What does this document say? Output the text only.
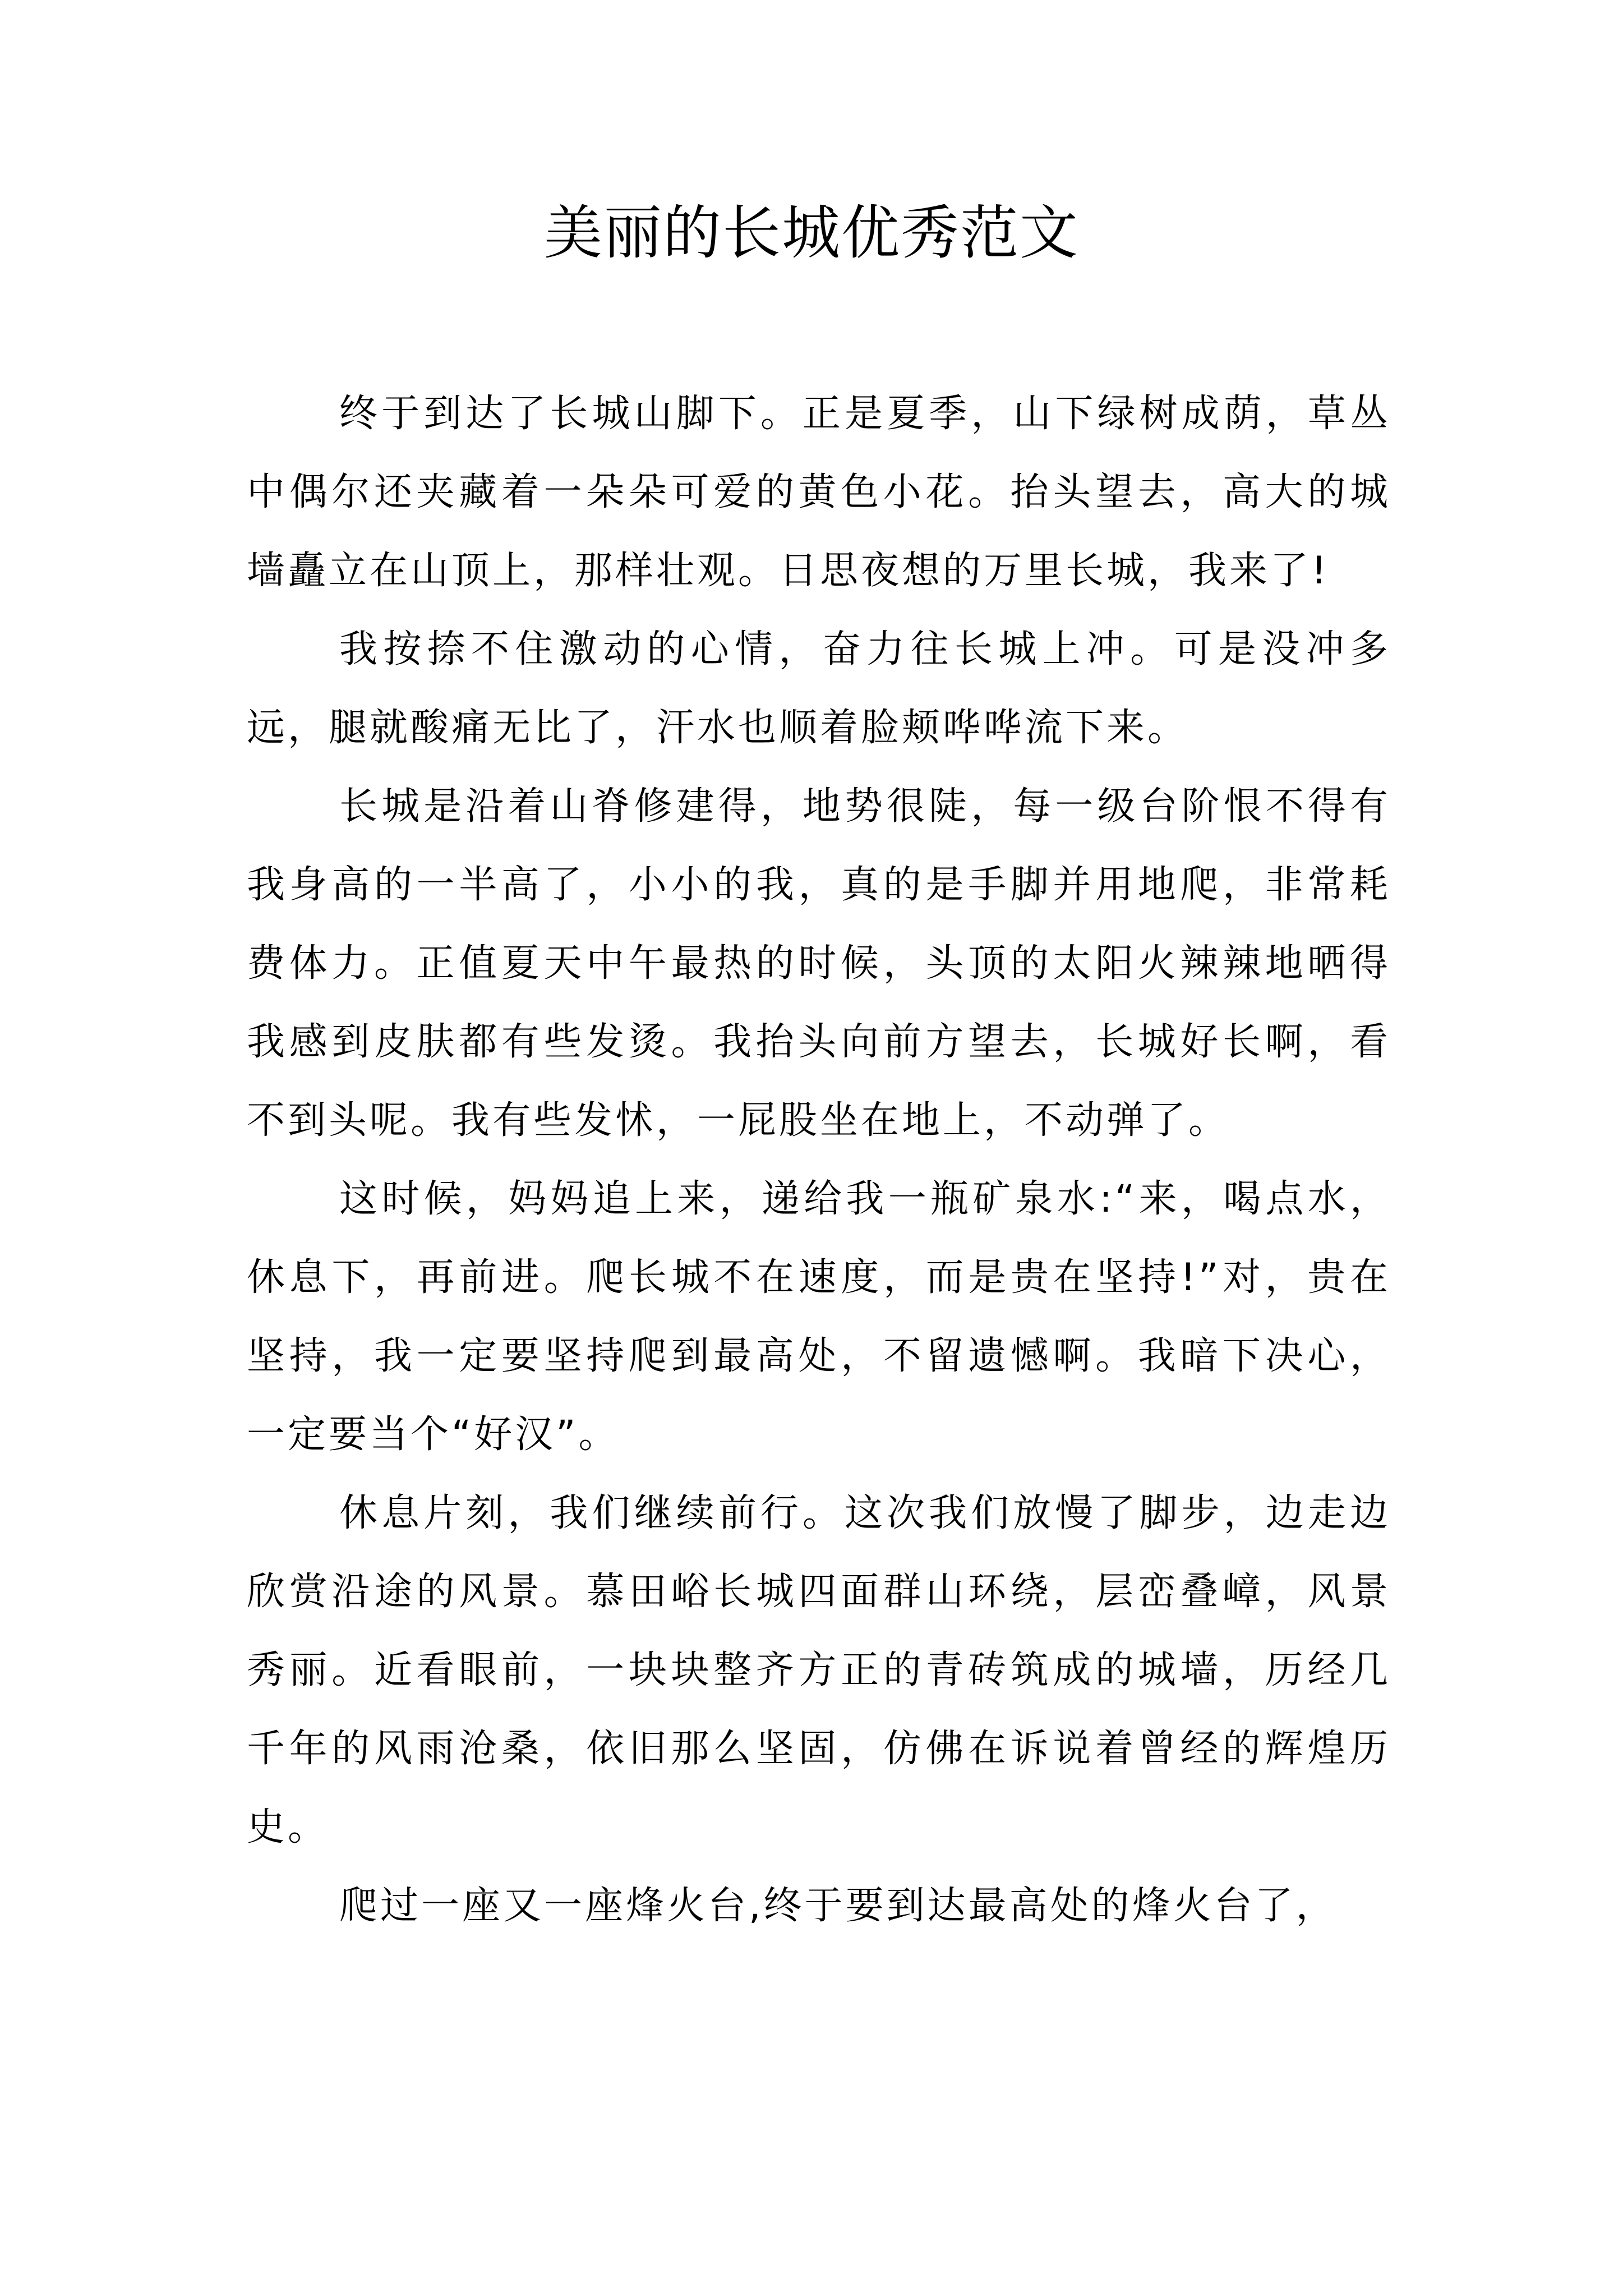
美丽的长城优秀范文

终于到达了长城山脚下。正是夏季，山下绿树成荫，草丛中偶尔还夹藏着一朵朵可爱的黄色小花。抬头望去，高大的城墙矗立在山顶上，那样壮观。日思夜想的万里长城，我来了!

我按捺不住激动的心情，奋力往长城上冲。可是没冲多远，腿就酸痛无比了，汗水也顺着脸颊哗哗流下来。

长城是沿着山脊修建得，地势很陡，每一级台阶恨不得有我身高的一半高了，小小的我，真的是手脚并用地爬，非常耗费体力。正值夏天中午最热的时候，头顶的太阳火辣辣地晒得我感到皮肤都有些发烫。我抬头向前方望去，长城好长啊，看不到头呢。我有些发怵，一屁股坐在地上，不动弹了。

这时候，妈妈追上来，递给我一瓶矿泉水:“来，喝点水，休息下，再前进。爬长城不在速度，而是贵在坚持!”对，贵在坚持，我一定要坚持爬到最高处，不留遗憾啊。我暗下决心，一定要当个“好汉”。

休息片刻，我们继续前行。这次我们放慢了脚步，边走边欣赏沿途的风景。慕田峪长城四面群山环绕，层峦叠嶂，风景秀丽。近看眼前，一块块整齐方正的青砖筑成的城墙，历经几千年的风雨沧桑，依旧那么坚固，仿佛在诉说着曾经的辉煌历史。

爬过一座又一座烽火台,终于要到达最高处的烽火台了，
